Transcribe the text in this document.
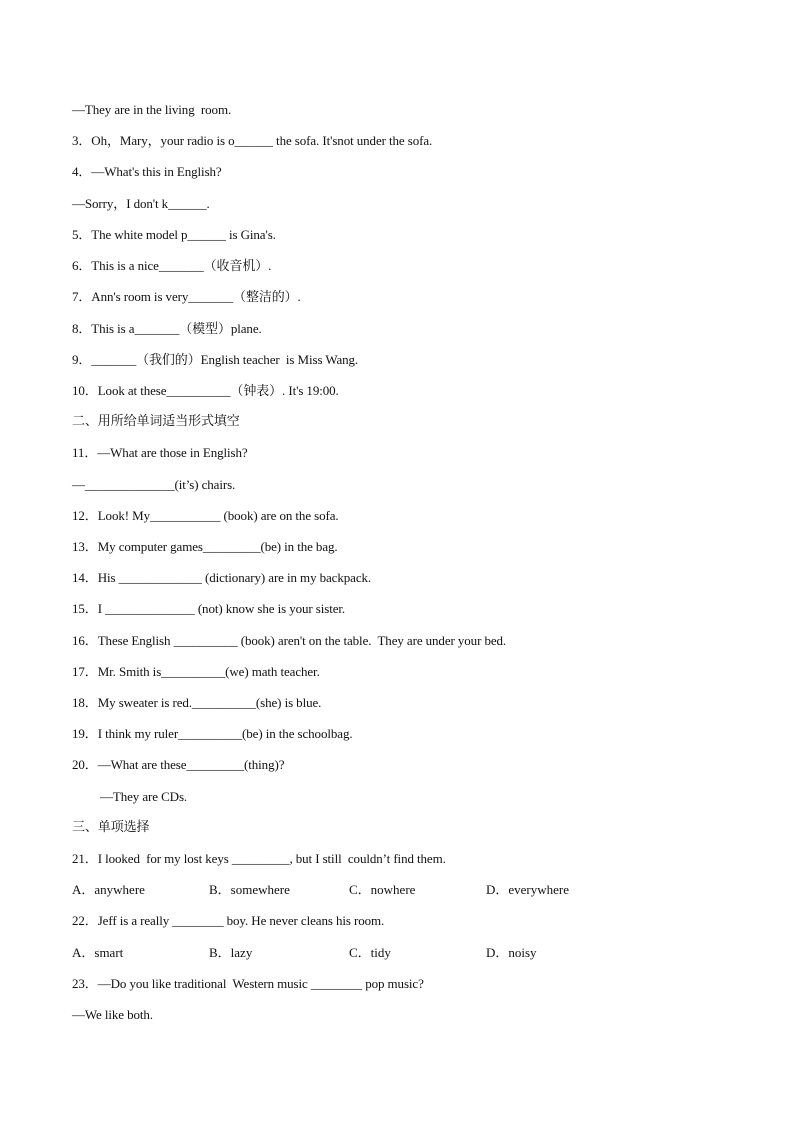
—They are in the living  room.
3．Oh，Mary，your radio is o______ the sofa. It'snot under the sofa.
4．—What's this in English?
—Sorry，I don't k______.
5．The white model p______ is Gina's.
6．This is a nice_______（收音机）.
7．Ann's room is very_______（整洁的）.
8．This is a_______（模型）plane.
9．_______（我们的）English teacher  is Miss Wang.
10．Look at these__________（钟表）. It's 19:00.
二、用所给单词适当形式填空
11．—What are those in English?
—______________(it’s) chairs.
12．Look! My___________ (book) are on the sofa.
13．My computer games_________(be) in the bag.
14．His _____________ (dictionary) are in my backpack.
15．I ______________ (not) know she is your sister.
16．These English __________ (book) aren't on the table.  They are under your bed.
17．Mr. Smith is__________(we) math teacher.
18．My sweater is red.__________(she) is blue.
19．I think my ruler__________(be) in the schoolbag.
20．—What are these_________(thing)?
—They are CDs.
三、单项选择
21．I looked  for my lost keys _________, but I still  couldn’t find them.
A．anywhere	B．somewhere	C．nowhere	D．everywhere
22．Jeff is a really ________ boy. He never cleans his room.
A．smart	B．lazy	C．tidy	D．noisy
23．—Do you like traditional  Western music ________ pop music?
—We like both.
